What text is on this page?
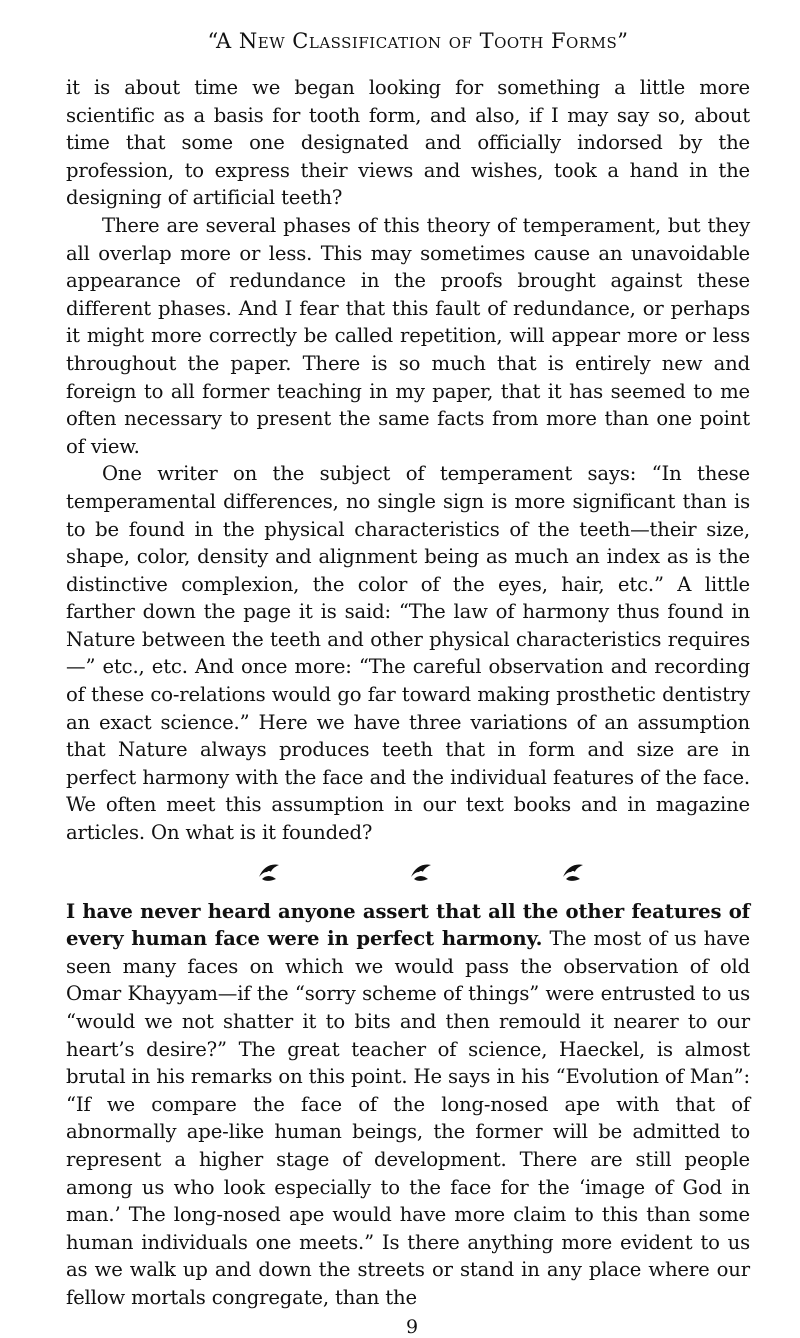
“A New Classification of Tooth Forms”

it is about time we began looking for something a little more scientific as a basis for tooth form, and also, if I may say so, about time that some one designated and officially indorsed by the profession, to express their views and wishes, took a hand in the designing of artificial teeth?

There are several phases of this theory of temperament, but they all overlap more or less. This may sometimes cause an unavoidable appearance of redundance in the proofs brought against these different phases. And I fear that this fault of redundance, or perhaps it might more correctly be called repetition, will appear more or less throughout the paper. There is so much that is entirely new and foreign to all former teaching in my paper, that it has seemed to me often necessary to present the same facts from more than one point of view.

One writer on the subject of temperament says: “In these temperamental differences, no single sign is more significant than is to be found in the physical characteristics of the teeth—their size, shape, color, density and alignment being as much an index as is the distinctive complexion, the color of the eyes, hair, etc.” A little farther down the page it is said: “The law of harmony thus found in Nature between the teeth and other physical characteristics requires—” etc., etc. And once more: “The careful observation and recording of these co-relations would go far toward making prosthetic dentistry an exact science.” Here we have three variations of an assumption that Nature always produces teeth that in form and size are in perfect harmony with the face and the individual features of the face. We often meet this assumption in our text books and in magazine articles. On what is it founded?

I have never heard anyone assert that all the other features of every human face were in perfect harmony. The most of us have seen many faces on which we would pass the observation of old Omar Khayyam—if the “sorry scheme of things” were entrusted to us “would we not shatter it to bits and then remould it nearer to our heart’s desire?” The great teacher of science, Haeckel, is almost brutal in his remarks on this point. He says in his “Evolution of Man”: “If we compare the face of the long-nosed ape with that of abnormally ape-like human beings, the former will be admitted to represent a higher stage of development. There are still people among us who look especially to the face for the ‘image of God in man.’ The long-nosed ape would have more claim to this than some human individuals one meets.” Is there anything more evident to us as we walk up and down the streets or stand in any place where our fellow mortals congregate, than the

9
